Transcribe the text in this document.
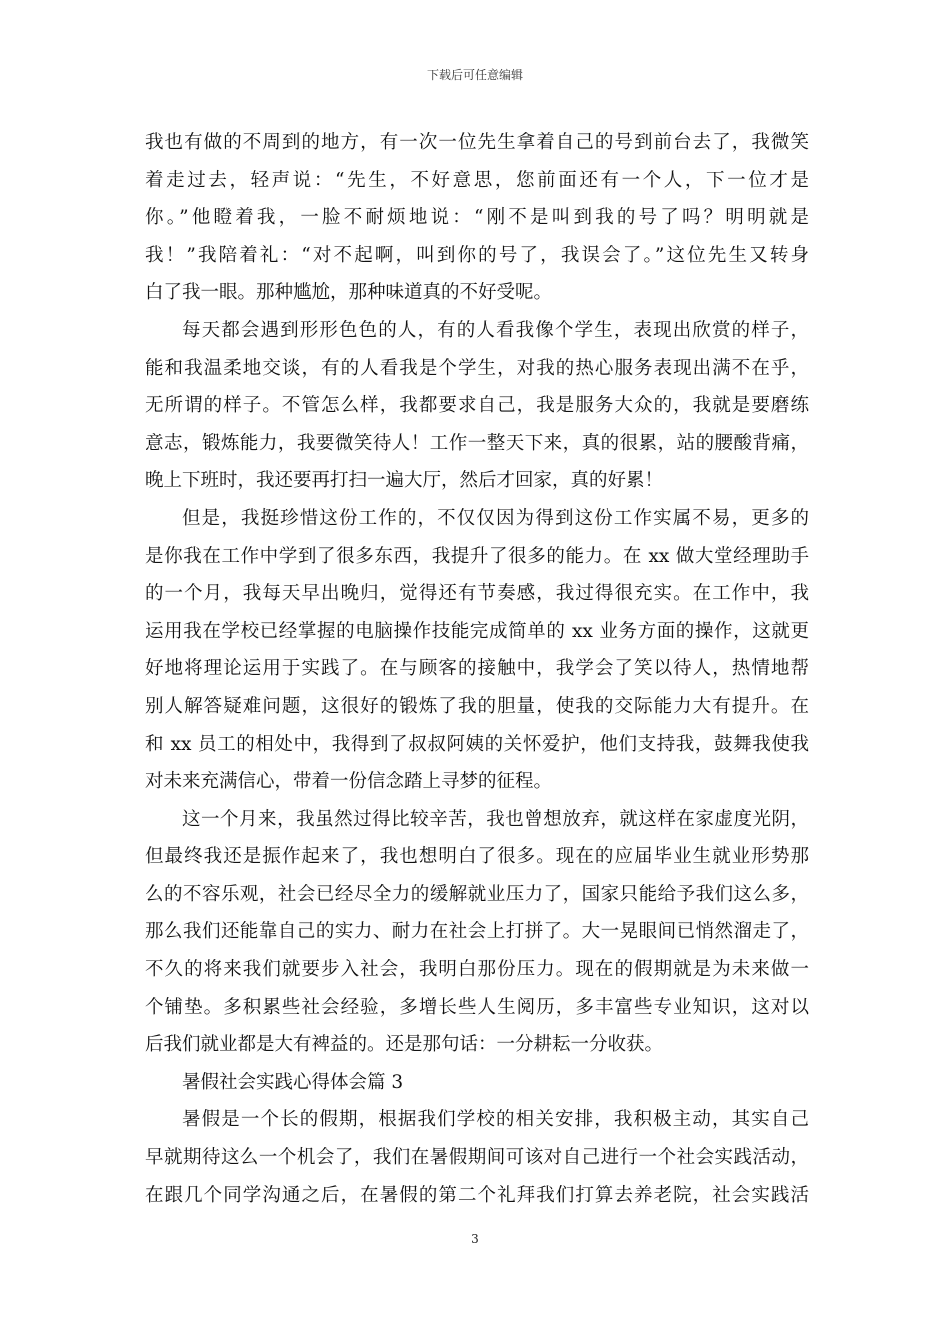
下载后可任意编辑
我也有做的不周到的地方，有一次一位先生拿着自己的号到前台去了，我微笑
着走过去，轻声说：“先生，不好意思，您前面还有一个人，下一位才是
你。”他瞪着我，一脸不耐烦地说：“刚不是叫到我的号了吗？明明就是
我！”我陪着礼：“对不起啊，叫到你的号了，我误会了。”这位先生又转身
白了我一眼。那种尴尬，那种味道真的不好受呢。
每天都会遇到形形色色的人，有的人看我像个学生，表现出欣赏的样子，
能和我温柔地交谈，有的人看我是个学生，对我的热心服务表现出满不在乎，
无所谓的样子。不管怎么样，我都要求自己，我是服务大众的，我就是要磨练
意志，锻炼能力，我要微笑待人！工作一整天下来，真的很累，站的腰酸背痛，
晚上下班时，我还要再打扫一遍大厅，然后才回家，真的好累！
但是，我挺珍惜这份工作的，不仅仅因为得到这份工作实属不易，更多的
是你我在工作中学到了很多东西，我提升了很多的能力。在 xx 做大堂经理助手
的一个月，我每天早出晚归，觉得还有节奏感，我过得很充实。在工作中，我
运用我在学校已经掌握的电脑操作技能完成简单的 xx 业务方面的操作，这就更
好地将理论运用于实践了。在与顾客的接触中，我学会了笑以待人，热情地帮
别人解答疑难问题，这很好的锻炼了我的胆量，使我的交际能力大有提升。在
和 xx 员工的相处中，我得到了叔叔阿姨的关怀爱护，他们支持我，鼓舞我使我
对未来充满信心，带着一份信念踏上寻梦的征程。
这一个月来，我虽然过得比较辛苦，我也曾想放弃，就这样在家虚度光阴，
但最终我还是振作起来了，我也想明白了很多。现在的应届毕业生就业形势那
么的不容乐观，社会已经尽全力的缓解就业压力了，国家只能给予我们这么多，
那么我们还能靠自己的实力、耐力在社会上打拼了。大一晃眼间已悄然溜走了，
不久的将来我们就要步入社会，我明白那份压力。现在的假期就是为未来做一
个铺垫。多积累些社会经验，多增长些人生阅历，多丰富些专业知识，这对以
后我们就业都是大有裨益的。还是那句话：一分耕耘一分收获。
暑假社会实践心得体会篇 3
暑假是一个长的假期，根据我们学校的相关安排，我积极主动，其实自己
早就期待这么一个机会了，我们在暑假期间可该对自己进行一个社会实践活动，
在跟几个同学沟通之后，在暑假的第二个礼拜我们打算去养老院，社会实践活
3
